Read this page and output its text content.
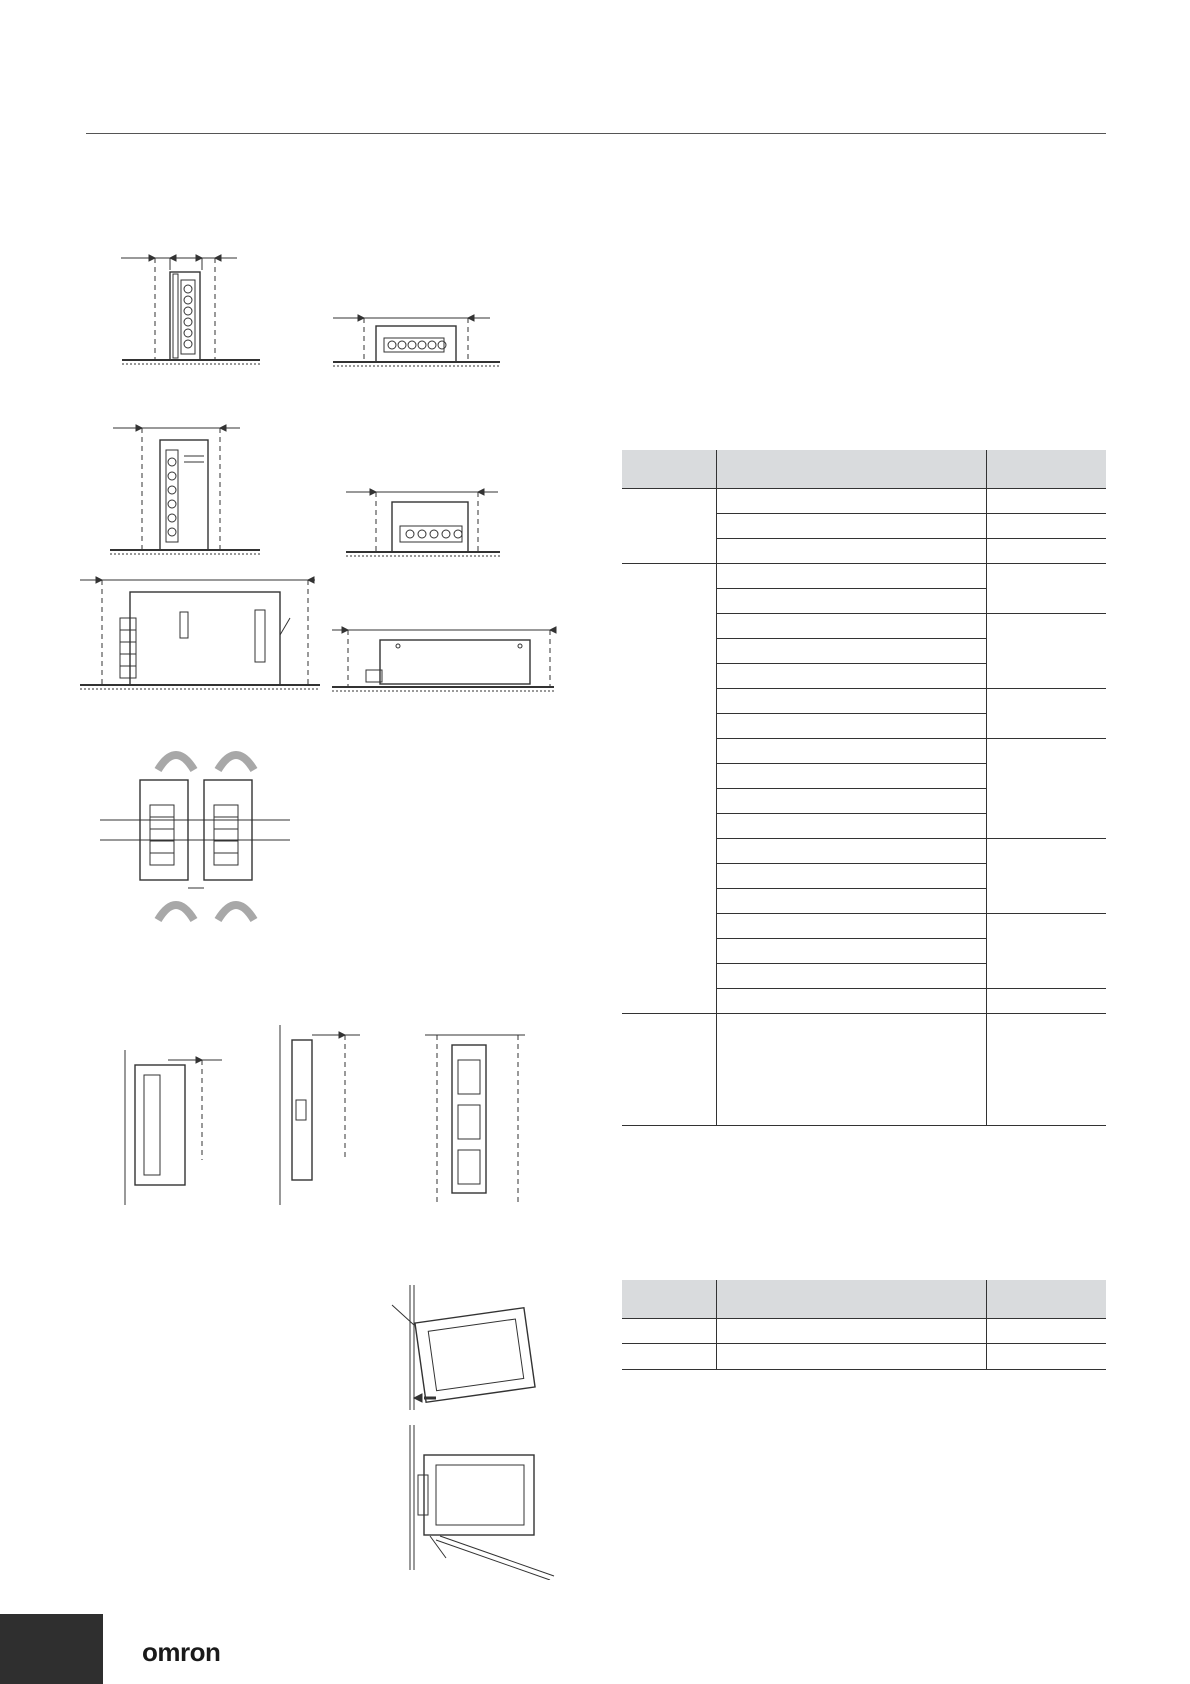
omron
